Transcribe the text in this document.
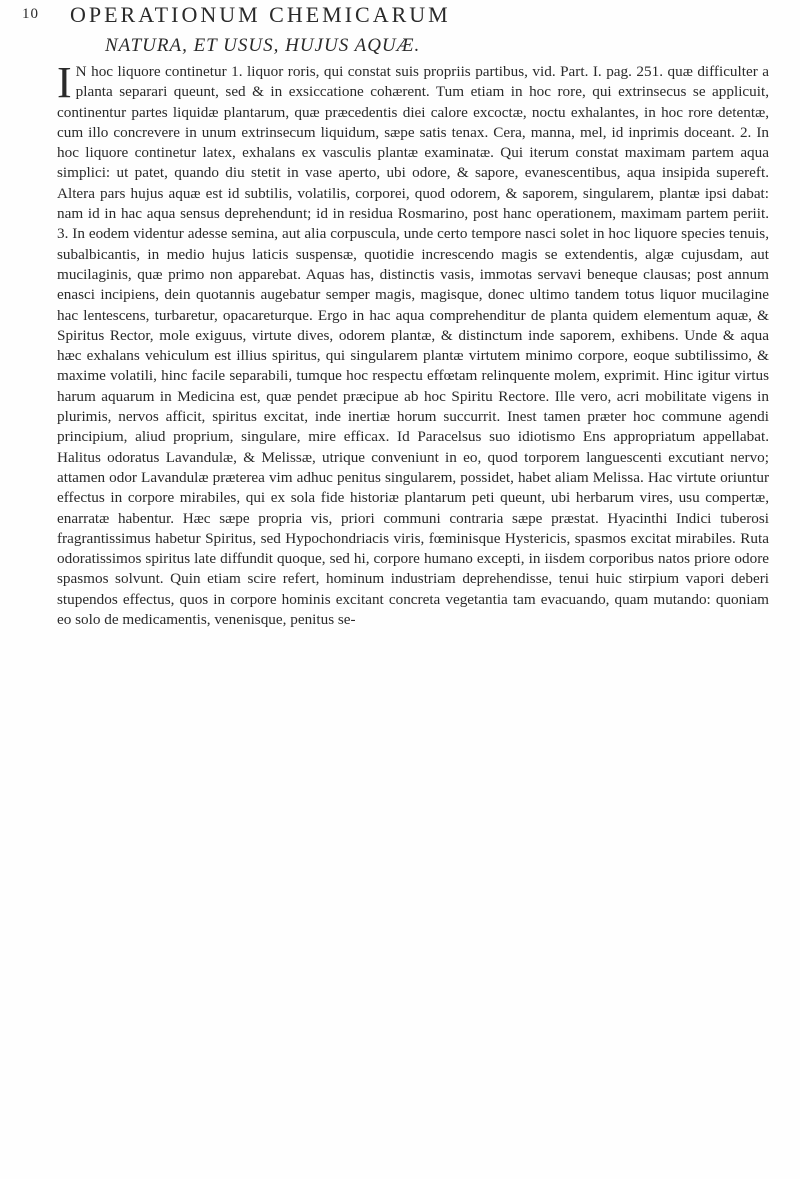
10 OPERATIONUM CHEMICARUM
NATURA, ET USUS, HUJUS AQUÆ.

I N hoc liquore continetur 1. liquor roris, qui constat suis propriis partibus, vid. Part. I. pag. 251. quæ difficulter a planta separari queunt, sed & in exsiccatione cohærent. Tum etiam in hoc rore, qui extrinsecus se applicuit, continentur partes liquidæ plantarum, quæ præcedentis diei calore excoctæ, noctu exhalantes, in hoc rore detentæ, cum illo concrevere in unum extrinsecum liquidum, sæpe satis tenax. Cera, manna, mel, id inprimis doceant. 2. In hoc liquore continetur latex, exhalans ex vasculis plantæ examinatæ. Qui iterum constat maximam partem aqua simplici: ut patet, quando diu stetit in vase aperto, ubi odore, & sapore, evanescentibus, aqua insipida supereft. Altera pars hujus aquæ est id subtilis, volatilis, corporei, quod odorem, & saporem, singularem, plantæ ipsi dabat: nam id in hac aqua sensus deprehendunt; id in residua Rosmarino, post hanc operationem, maximam partem periit. 3. In eodem videntur adesse semina, aut alia corpuscula, unde certo tempore nasci solet in hoc liquore species tenuis, subalbicantis, in medio hujus laticis suspensæ, quotidie increscendo magis se extendentis, algæ cujusdam, aut mucilaginis, quæ primo non apparebat. Aquas has, distinctis vasis, immotas servavi beneque clausas; post annum enasci incipiens, dein quotannis augebatur semper magis, magisque, donec ultimo tandem totus liquor mucilagine hac lentescens, turbaretur, opacareturque. Ergo in hac aqua comprehenditur de planta quidem elementum aquæ, & Spiritus Rector, mole exiguus, virtute dives, odorem plantæ, & distinctum inde saporem, exhibens. Unde & aqua hæc exhalans vehiculum est illius spiritus, qui singularem plantæ virtutem minimo corpore, eoque subtilissimo, & maxime volatili, hinc facile separabili, tumque hoc respectu effœtam relinquente molem, exprimit. Hinc igitur virtus harum aquarum in Medicina est, quæ pendet præcipue ab hoc Spiritu Rectore. Ille vero, acri mobilitate vigens in plurimis, nervos afficit, spiritus excitat, inde inertiæ horum succurrit. Inest tamen præter hoc commune agendi principium, aliud proprium, singulare, mire efficax. Id Paracelsus suo idiotismo Ens appropriatum appellabat. Halitus odoratus Lavandulæ, & Melissæ, utrique conveniunt in eo, quod torporem languescenti excutiant nervo; attamen odor Lavandulæ præterea vim adhuc penitus singularem, possidet, habet aliam Melissa. Hac virtute oriuntur effectus in corpore mirabiles, qui ex sola fide historiæ plantarum peti queunt, ubi herbarum vires, usu compertæ, enarratæ habentur. Hæc sæpe propria vis, priori communi contraria sæpe præstat. Hyacinthi Indici tuberosi fragrantissimus habetur Spiritus, sed Hypochondriacis viris, fœminisque Hystericis, spasmos excitat mirabiles. Ruta odoratissimos spiritus late diffundit quoque, sed hi, corpore humano excepti, in iisdem corporibus natos priore odore spasmos solvunt. Quin etiam scire refert, hominum industriam deprehendisse, tenui huic stirpium vapori deberi stupendos effectus, quos in corpore hominis excitant concreta vegetantia tam evacuando, quam mutando: quoniam eo solo de medicamentis, venenisque, penitus se-
